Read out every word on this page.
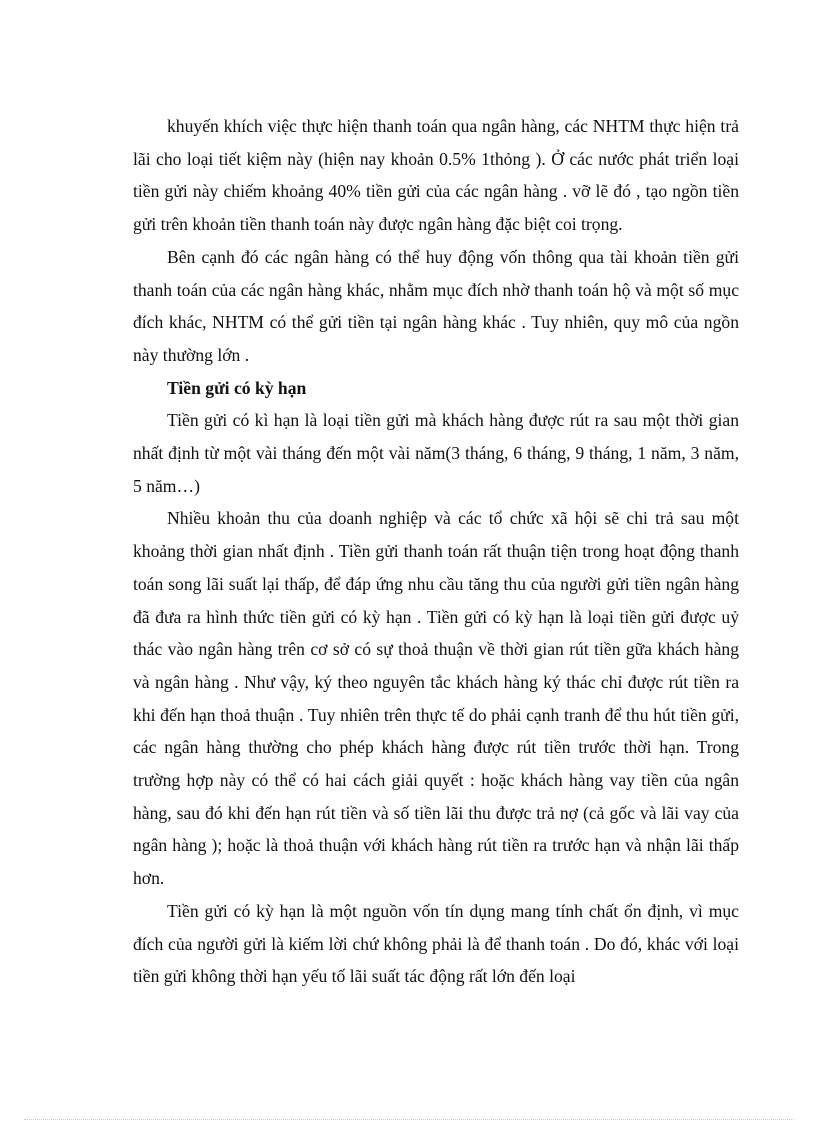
khuyến khích việc thực hiện thanh toán qua ngân hàng, các NHTM thực hiện trả lãi cho loại tiết kiệm này (hiện nay khoản 0.5% 1thỏng ). Ở các nước phát triển loại tiền gửi này chiếm khoảng 40% tiền gửi của các ngân hàng . vỡ lẽ đó , tạo ngồn tiền gửi trên khoản tiền thanh toán này được ngân hàng đặc biệt coi trọng.

Bên cạnh đó các ngân hàng có thể huy động vốn thông qua tài khoản tiền gửi thanh toán của các ngân hàng khác, nhằm mục đích nhờ thanh toán hộ và một số mục đích khác, NHTM có thể gửi tiền tại ngân hàng khác . Tuy nhiên, quy mô của ngồn này thường lớn .

Tiền gửi có kỳ hạn

Tiền gửi có kì hạn là loại tiền gửi mà khách hàng được rút ra sau một thời gian nhất định từ một vài tháng đến một vài năm(3 tháng, 6 tháng, 9 tháng, 1 năm, 3 năm, 5 năm…)

Nhiều khoản thu của doanh nghiệp và các tổ chức xã hội sẽ chi trả sau một khoảng thời gian nhất định . Tiền gửi thanh toán rất thuận tiện trong hoạt động thanh toán song lãi suất lại thấp, để đáp ứng nhu cầu tăng thu của người gửi tiền ngân hàng đã đưa ra hình thức tiền gửi có kỳ hạn . Tiền gửi có kỳ hạn là loại tiền gửi được uỷ thác vào ngân hàng trên cơ sở có sự thoả thuận về thời gian rút tiền gữa khách hàng và ngân hàng . Như vậy, ký theo nguyên tắc khách hàng ký thác chỉ được rút tiền ra khi đến hạn thoả thuận . Tuy nhiên trên thực tế do phải cạnh tranh để thu hút tiền gửi, các ngân hàng thường cho phép khách hàng được rút tiền trước thời hạn. Trong trường hợp này có thể có hai cách giải quyết : hoặc khách hàng vay tiền của ngân hàng, sau đó khi đến hạn rút tiền và số tiền lãi thu được trả nợ (cả gốc và lãi vay của ngân hàng ); hoặc là thoả thuận với khách hàng rút tiền ra trước hạn và nhận lãi thấp hơn.

Tiền gửi có kỳ hạn là một nguồn vốn tín dụng mang tính chất ổn định, vì mục đích của người gửi là kiếm lời chứ không phải là để thanh toán . Do đó, khác với loại tiền gửi không thời hạn yếu tố lãi suất tác động rất lớn đến loại
